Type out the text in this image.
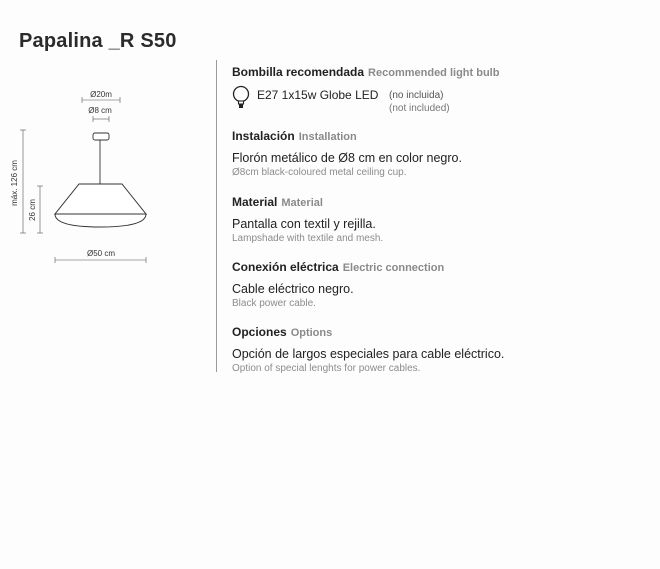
Papalina _R S50
Ø20m
Ø8 cm
máx. 126 cm
26 cm
Ø50 cm
Bombilla recomendada Recommended light bulb
E27 1x15w Globe LED (no incluida)
(not included)
Instalación Installation
Florón metálico de Ø8 cm en color negro.
Ø8cm black-coloured metal ceiling cup.
Material Material
Pantalla con textil y rejilla.
Lampshade with textile and mesh.
Conexión eléctrica Electric connection
Cable eléctrico negro.
Black power cable.
Opciones Options
Opción de largos especiales para cable eléctrico.
Option of special lenghts for power cables.
